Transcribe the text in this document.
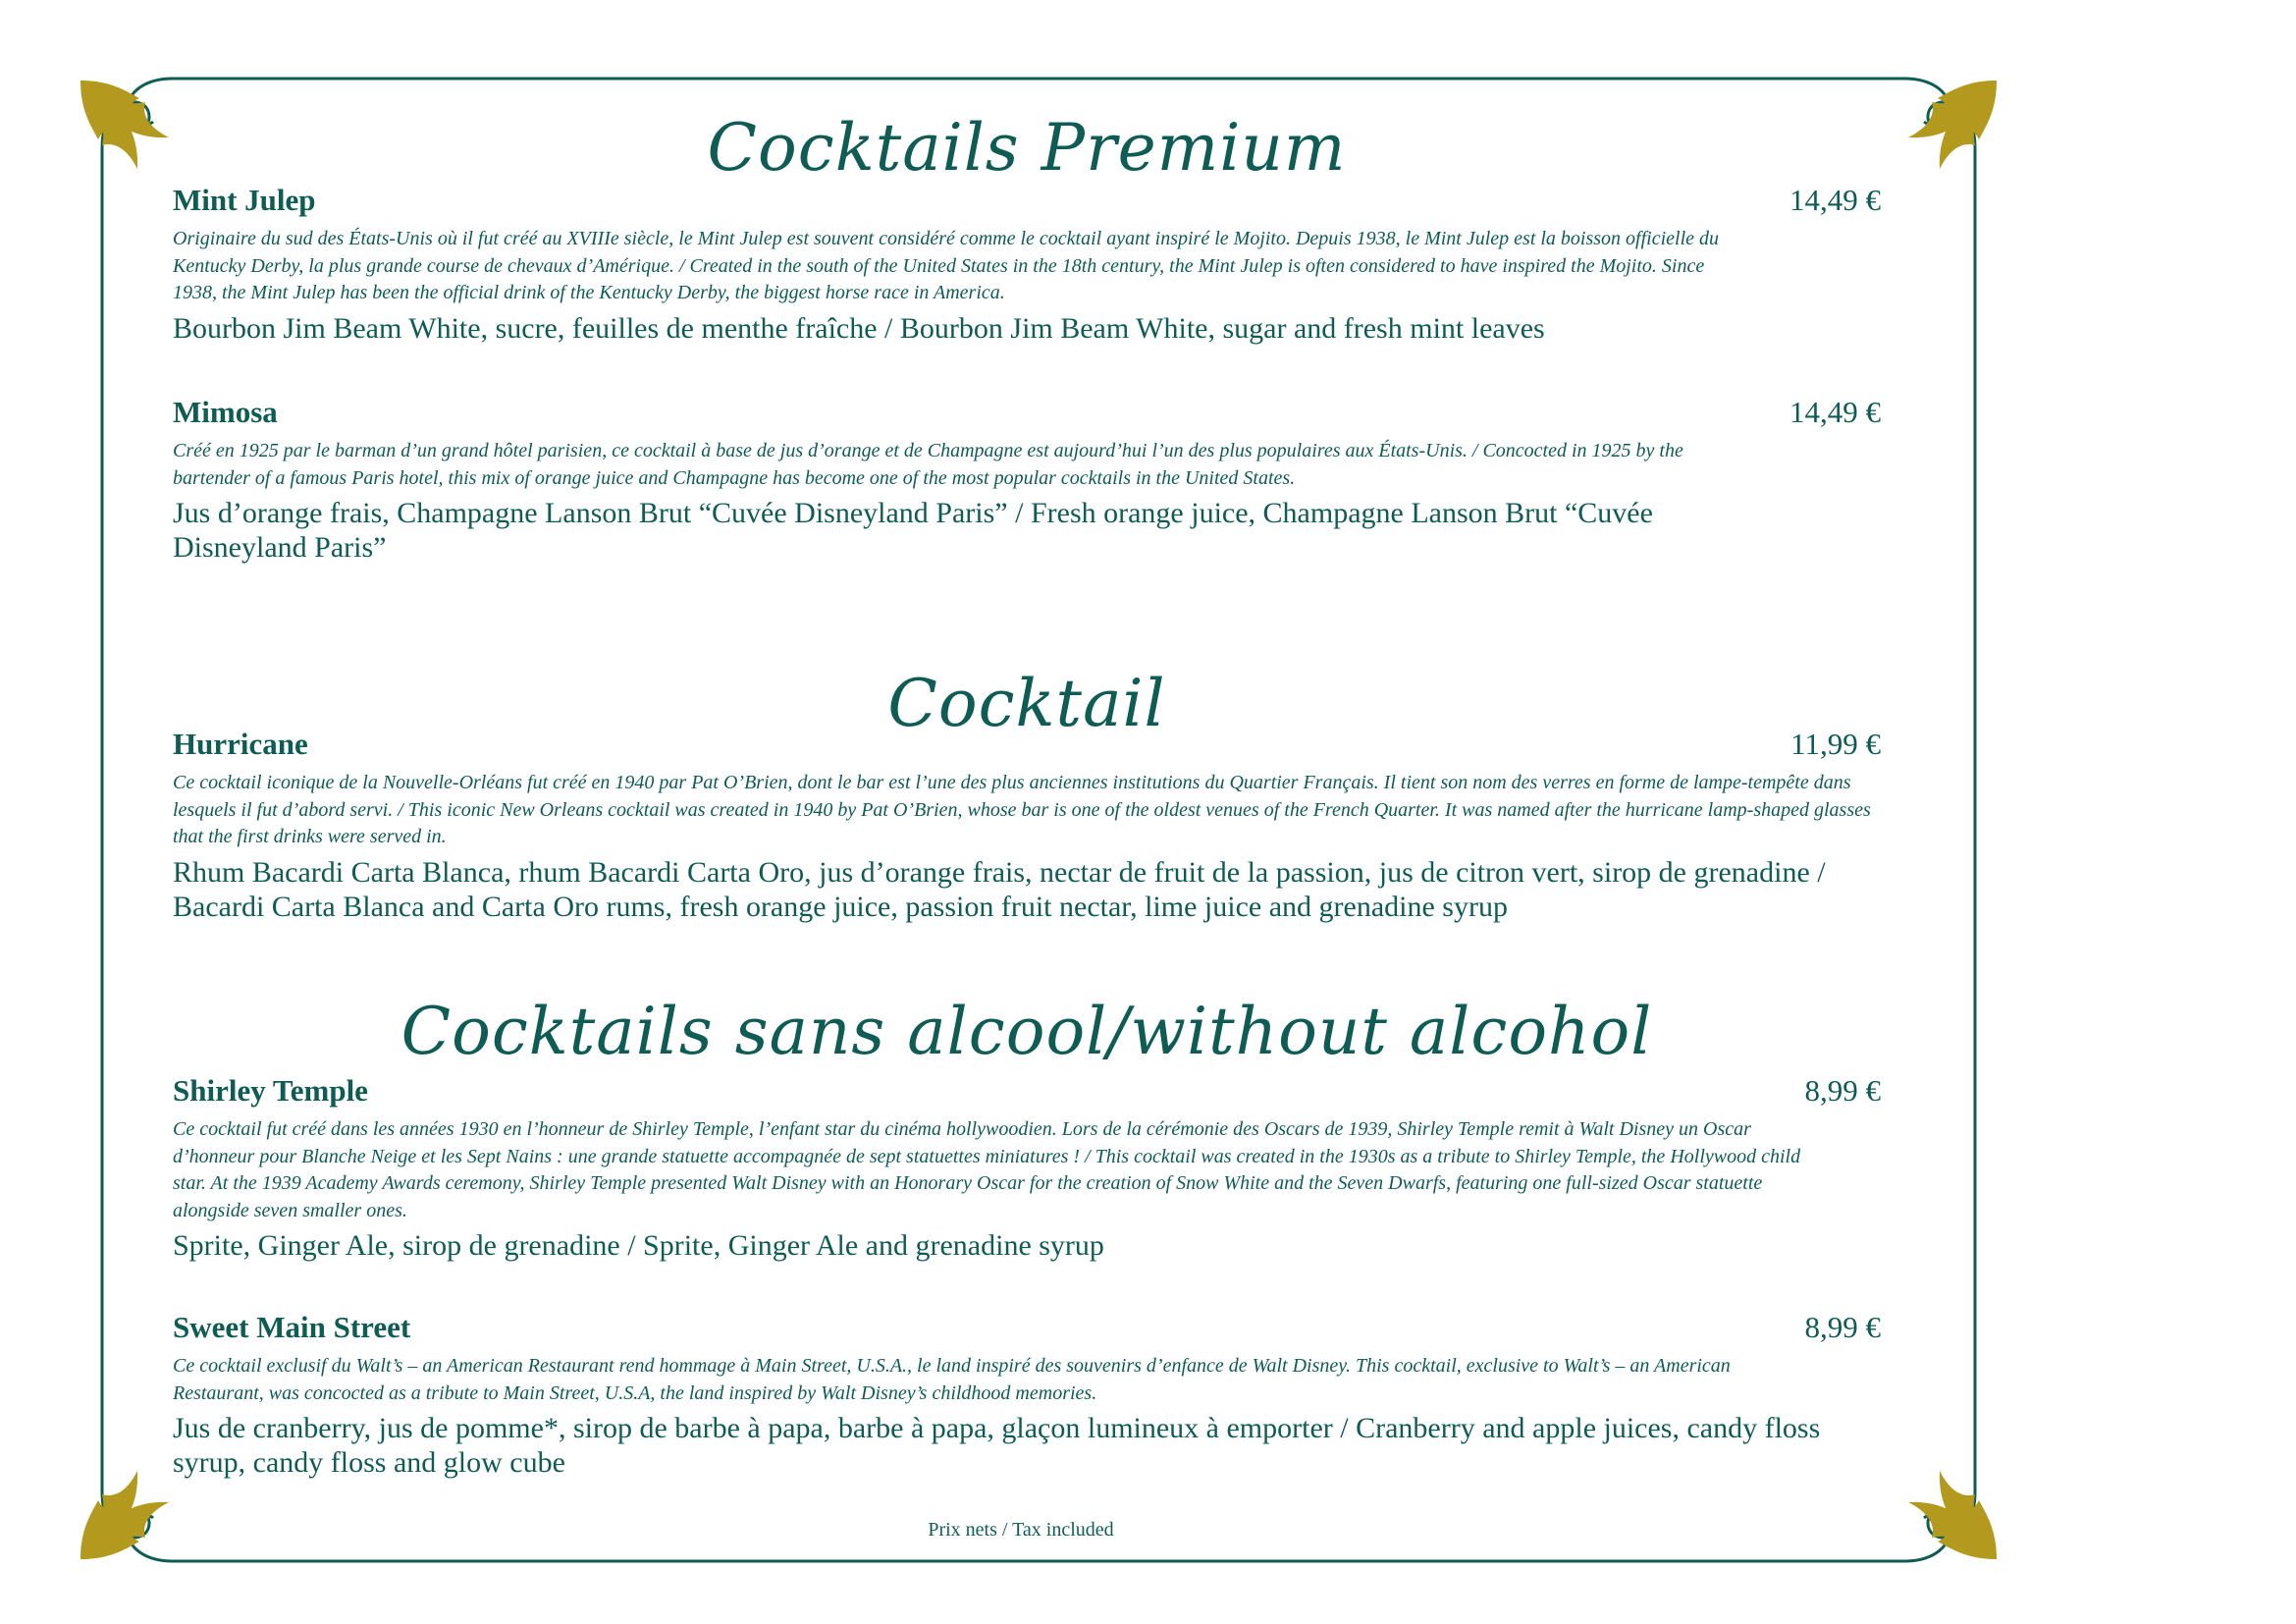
Cocktails Premium
Mint Julep	14,49 €
Originaire du sud des États-Unis où il fut créé au XVIIIe siècle, le Mint Julep est souvent considéré comme le cocktail ayant inspiré le Mojito. Depuis 1938, le Mint Julep est la boisson officielle du Kentucky Derby, la plus grande course de chevaux d’Amérique. / Created in the south of the United States in the 18th century, the Mint Julep is often considered to have inspired the Mojito. Since 1938, the Mint Julep has been the official drink of the Kentucky Derby, the biggest horse race in America.
Bourbon Jim Beam White, sucre, feuilles de menthe fraîche / Bourbon Jim Beam White, sugar and fresh mint leaves
Mimosa	14,49 €
Créé en 1925 par le barman d’un grand hôtel parisien, ce cocktail à base de jus d’orange et de Champagne est aujourd’hui l’un des plus populaires aux États-Unis. / Concocted in 1925 by the bartender of a famous Paris hotel, this mix of orange juice and Champagne has become one of the most popular cocktails in the United States.
Jus d’orange frais, Champagne Lanson Brut “Cuvée Disneyland Paris” / Fresh orange juice, Champagne Lanson Brut “Cuvée Disneyland Paris”
Cocktail
Hurricane	11,99 €
Ce cocktail iconique de la Nouvelle-Orléans fut créé en 1940 par Pat O’Brien, dont le bar est l’une des plus anciennes institutions du Quartier Français. Il tient son nom des verres en forme de lampe-tempête dans lesquels il fut d’abord servi. / This iconic New Orleans cocktail was created in 1940 by Pat O’Brien, whose bar is one of the oldest venues of the French Quarter. It was named after the hurricane lamp-shaped glasses that the first drinks were served in.
Rhum Bacardi Carta Blanca, rhum Bacardi Carta Oro, jus d’orange frais, nectar de fruit de la passion, jus de citron vert, sirop de grenadine / Bacardi Carta Blanca and Carta Oro rums, fresh orange juice, passion fruit nectar, lime juice and grenadine syrup
Cocktails sans alcool/without alcohol
Shirley Temple	8,99 €
Ce cocktail fut créé dans les années 1930 en l’honneur de Shirley Temple, l’enfant star du cinéma hollywoodien. Lors de la cérémonie des Oscars de 1939, Shirley Temple remit à Walt Disney un Oscar d’honneur pour Blanche Neige et les Sept Nains : une grande statuette accompagnée de sept statuettes miniatures ! / This cocktail was created in the 1930s as a tribute to Shirley Temple, the Hollywood child star. At the 1939 Academy Awards ceremony, Shirley Temple presented Walt Disney with an Honorary Oscar for the creation of Snow White and the Seven Dwarfs, featuring one full-sized Oscar statuette alongside seven smaller ones.
Sprite, Ginger Ale, sirop de grenadine / Sprite, Ginger Ale and grenadine syrup
Sweet Main Street	8,99 €
Ce cocktail exclusif du Walt’s – an American Restaurant rend hommage à Main Street, U.S.A., le land inspiré des souvenirs d’enfance de Walt Disney. This cocktail, exclusive to Walt’s – an American Restaurant, was concocted as a tribute to Main Street, U.S.A, the land inspired by Walt Disney’s childhood memories.
Jus de cranberry, jus de pomme*, sirop de barbe à papa, barbe à papa, glaçon lumineux à emporter / Cranberry and apple juices, candy floss syrup, candy floss and glow cube
Prix nets / Tax included
